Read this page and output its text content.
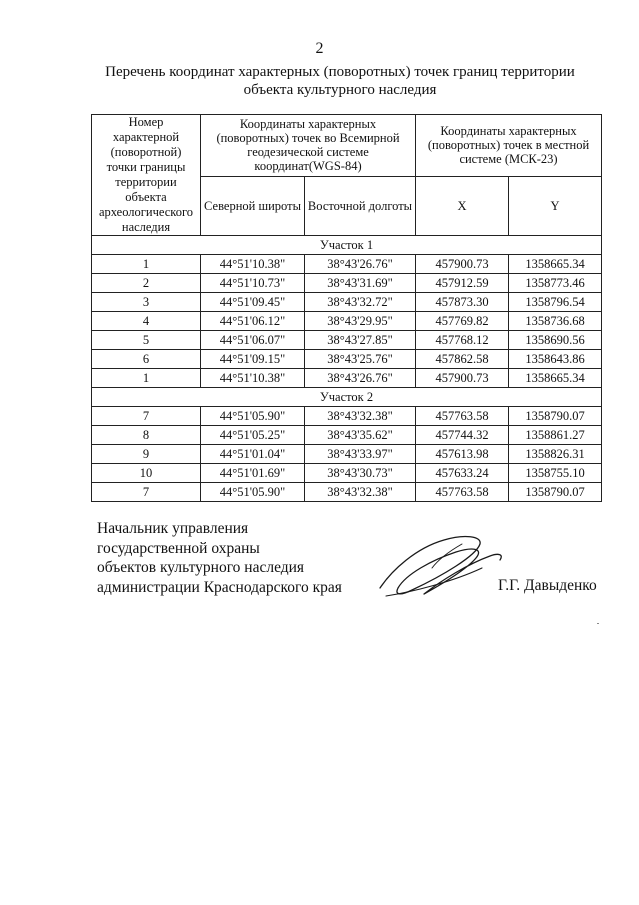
2
Перечень координат характерных (поворотных) точек границ территории
объекта культурного наследия
Номер характерной (поворотной) точки границы территории объекта археологического наследия	Координаты характерных (поворотных) точек во Всемирной геодезической системе координат(WGS-84)		Координаты характерных (поворотных) точек в местной системе (МСК-23)	
	Северной широты	Восточной долготы	X	Y
Участок 1				
1	44°51'10.38"	38°43'26.76"	457900.73	1358665.34
2	44°51'10.73"	38°43'31.69"	457912.59	1358773.46
3	44°51'09.45"	38°43'32.72"	457873.30	1358796.54
4	44°51'06.12"	38°43'29.95"	457769.82	1358736.68
5	44°51'06.07"	38°43'27.85"	457768.12	1358690.56
6	44°51'09.15"	38°43'25.76"	457862.58	1358643.86
1	44°51'10.38"	38°43'26.76"	457900.73	1358665.34
Участок 2				
7	44°51'05.90"	38°43'32.38"	457763.58	1358790.07
8	44°51'05.25"	38°43'35.62"	457744.32	1358861.27
9	44°51'01.04"	38°43'33.97"	457613.98	1358826.31
10	44°51'01.69"	38°43'30.73"	457633.24	1358755.10
7	44°51'05.90"	38°43'32.38"	457763.58	1358790.07
Начальник управления
государственной охраны
объектов культурного наследия
администрации Краснодарского края	Г.Г. Давыденко
